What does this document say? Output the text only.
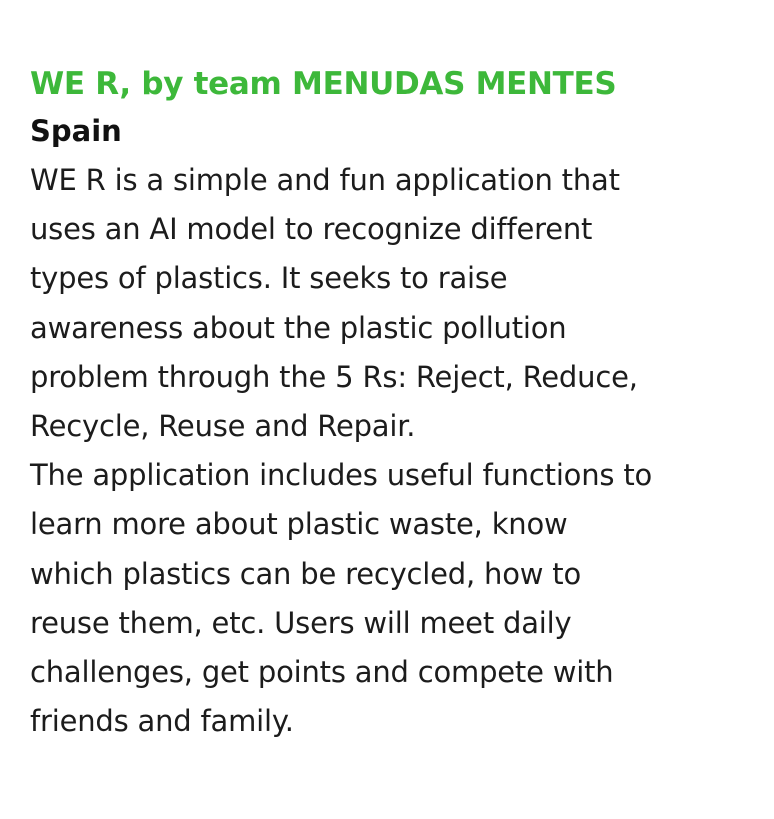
WE R, by team MENUDAS MENTES
Spain
WE R is a simple and fun application that
uses an AI model to recognize different
types of plastics. It seeks to raise
awareness about the plastic pollution
problem through the 5 Rs: Reject, Reduce,
Recycle, Reuse and Repair.
The application includes useful functions to
learn more about plastic waste, know
which plastics can be recycled, how to
reuse them, etc. Users will meet daily
challenges, get points and compete with
friends and family.
